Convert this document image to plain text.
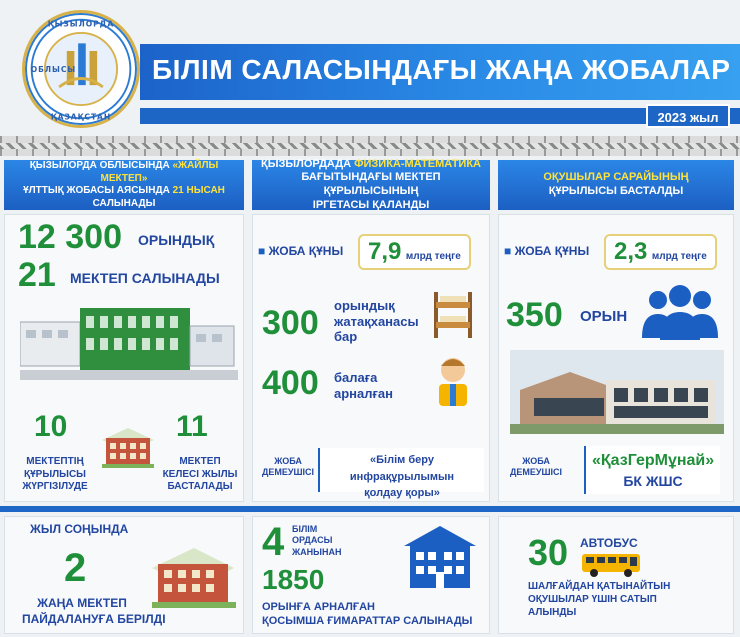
ҚЫЗЫЛОРДА
ҚАЗАҚСТАН
ОБЛЫСЫ	БІЛІМ САЛАСЫНДАҒЫ ЖАҢА ЖОБАЛАР
2023 жыл
ҚЫЗЫЛОРДА ОБЛЫСЫНДА «ЖАЙЛЫ МЕКТЕП»
ҰЛТТЫҚ ЖОБАСЫ АЯСЫНДА 21 НЫСАН САЛЫНАДЫ
ҚЫЗЫЛОРДАДА ФИЗИКА-МАТЕМАТИКА
БАҒЫТЫНДАҒЫ МЕКТЕП ҚҰРЫЛЫСЫНЫҢ
ІРГЕТАСЫ ҚАЛАНДЫ
ОҚУШЫЛАР САРАЙЫНЫҢ
ҚҰРЫЛЫСЫ БАСТАЛДЫ
12 300 ОРЫНДЫҚ
21 МЕКТЕП САЛЫНАДЫ
10
МЕКТЕПТІҢ
ҚҰРЫЛЫСЫ
ЖҮРГІЗІЛУДЕ
11
МЕКТЕП
КЕЛЕСІ ЖЫЛЫ
БАСТАЛАДЫ
■ ЖОБА ҚҰНЫ	7,9 млрд теңге
300 орындық
жатақханасы
бар
400 балаға
арналған
ЖОБА
ДЕМЕУШІСІ
«Білім беру инфрақұрылымын
қолдау қоры»
■ ЖОБА ҚҰНЫ	2,3 млрд теңге
350 ОРЫН
ЖОБА
ДЕМЕУШІСІ
«ҚазГерМұнай»
БК ЖШС
ЖЫЛ СОҢЫНДА
2
ЖАҢА МЕКТЕП
ПАЙДАЛАНУҒА БЕРІЛДІ
4 БІЛІМ
ОРДАСЫ
ЖАНЫНАН
1850
ОРЫНҒА АРНАЛҒАН
ҚОСЫМША ҒИМАРАТТАР САЛЫНАДЫ
30 АВТОБУС
ШАЛҒАЙДАН ҚАТЫНАЙТЫН
ОҚУШЫЛАР ҮШІН САТЫП
АЛЫНДЫ
